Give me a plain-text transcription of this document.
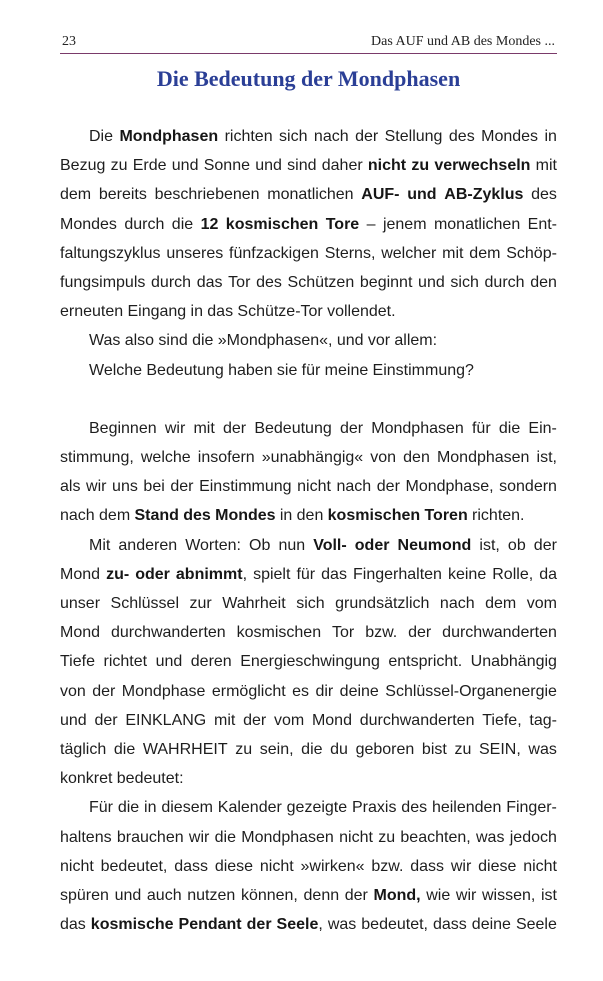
23	Das AUF und AB des Mondes ...
Die Bedeutung der Mondphasen
Die Mondphasen richten sich nach der Stellung des Mondes in
Bezug zu Erde und Sonne und sind daher nicht zu verwechseln mit
dem bereits beschriebenen monatlichen AUF- und AB-Zyklus des
Mondes durch die 12 kosmischen Tore – jenem monatlichen Ent-
faltungszyklus unseres fünfzackigen Sterns, welcher mit dem Schöp-
fungsimpuls durch das Tor des Schützen beginnt und sich durch den
erneuten Eingang in das Schütze-Tor vollendet.
Was also sind die »Mondphasen«, und vor allem:
Welche Bedeutung haben sie für meine Einstimmung?
Beginnen wir mit der Bedeutung der Mondphasen für die Ein-
stimmung, welche insofern »unabhängig« von den Mondphasen ist,
als wir uns bei der Einstimmung nicht nach der Mondphase, sondern
nach dem Stand des Mondes in den kosmischen Toren richten.
Mit anderen Worten: Ob nun Voll- oder Neumond ist, ob der
Mond zu- oder abnimmt, spielt für das Fingerhalten keine Rolle, da
unser Schlüssel zur Wahrheit sich grundsätzlich nach dem vom
Mond durchwanderten kosmischen Tor bzw. der durchwanderten
Tiefe richtet und deren Energieschwingung entspricht. Unabhängig
von der Mondphase ermöglicht es dir deine Schlüssel-Organenergie
und der EINKLANG mit der vom Mond durchwanderten Tiefe, tag-
täglich die WAHRHEIT zu sein, die du geboren bist zu SEIN, was
konkret bedeutet:
Für die in diesem Kalender gezeigte Praxis des heilenden Finger-
haltens brauchen wir die Mondphasen nicht zu beachten, was jedoch
nicht bedeutet, dass diese nicht »wirken« bzw. dass wir diese nicht
spüren und auch nutzen können, denn der Mond, wie wir wissen, ist
das kosmische Pendant der Seele, was bedeutet, dass deine Seele
